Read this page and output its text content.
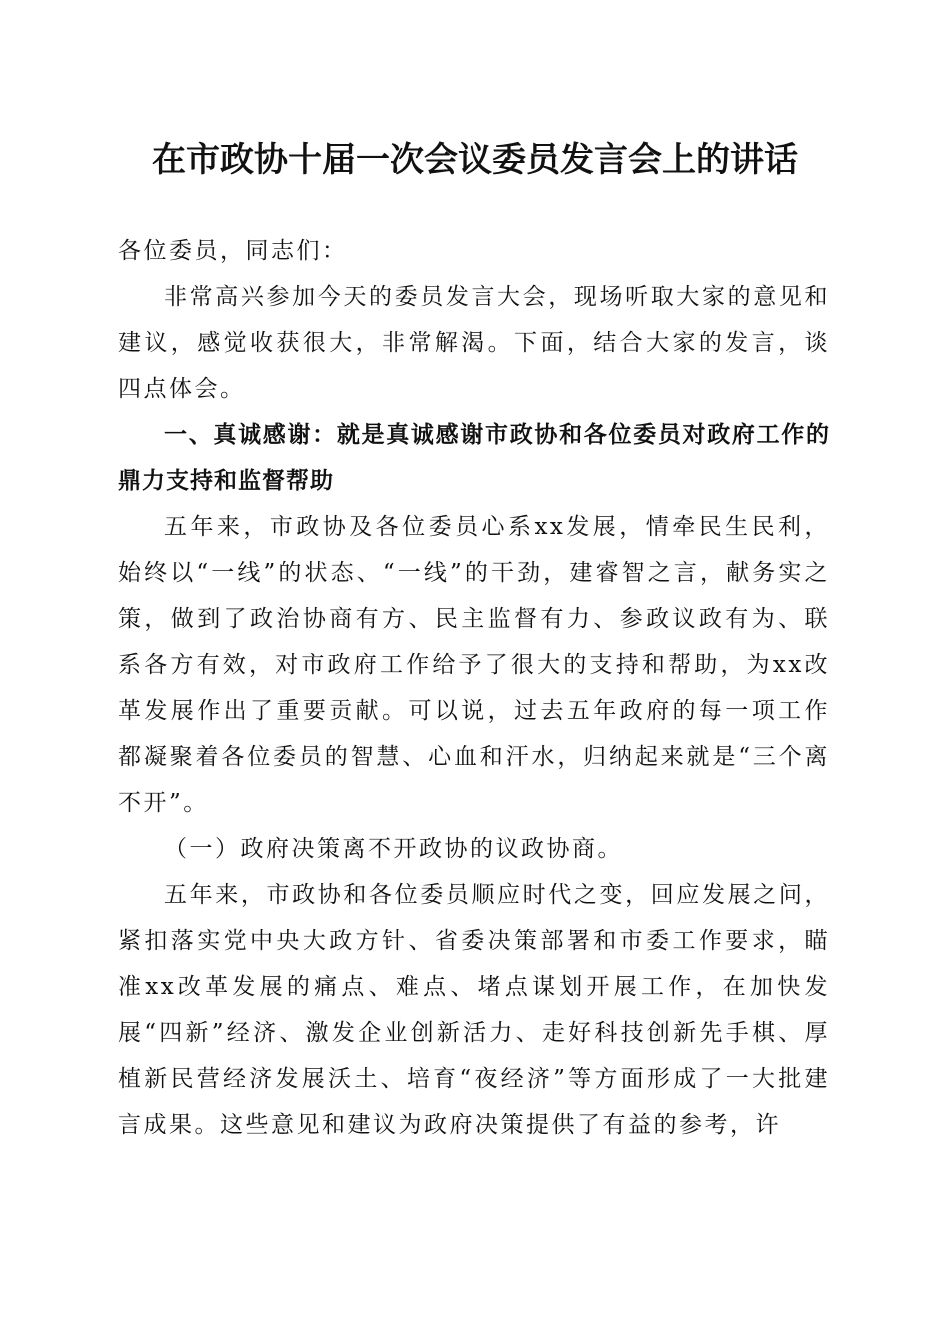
在市政协十届一次会议委员发言会上的讲话

各位委员，同志们：

非常高兴参加今天的委员发言大会，现场听取大家的意见和建议，感觉收获很大，非常解渴。下面，结合大家的发言，谈四点体会。

一、真诚感谢：就是真诚感谢市政协和各位委员对政府工作的鼎力支持和监督帮助

五年来，市政协及各位委员心系xx发展，情牵民生民利，始终以“一线”的状态、“一线”的干劲，建睿智之言，献务实之策，做到了政治协商有方、民主监督有力、参政议政有为、联系各方有效，对市政府工作给予了很大的支持和帮助，为xx改革发展作出了重要贡献。可以说，过去五年政府的每一项工作都凝聚着各位委员的智慧、心血和汗水，归纳起来就是“三个离不开”。

（一）政府决策离不开政协的议政协商。

五年来，市政协和各位委员顺应时代之变，回应发展之问，紧扣落实党中央大政方针、省委决策部署和市委工作要求，瞄准xx改革发展的痛点、难点、堵点谋划开展工作，在加快发展“四新”经济、激发企业创新活力、走好科技创新先手棋、厚植新民营经济发展沃土、培育“夜经济”等方面形成了一大批建言成果。这些意见和建议为政府决策提供了有益的参考，许
